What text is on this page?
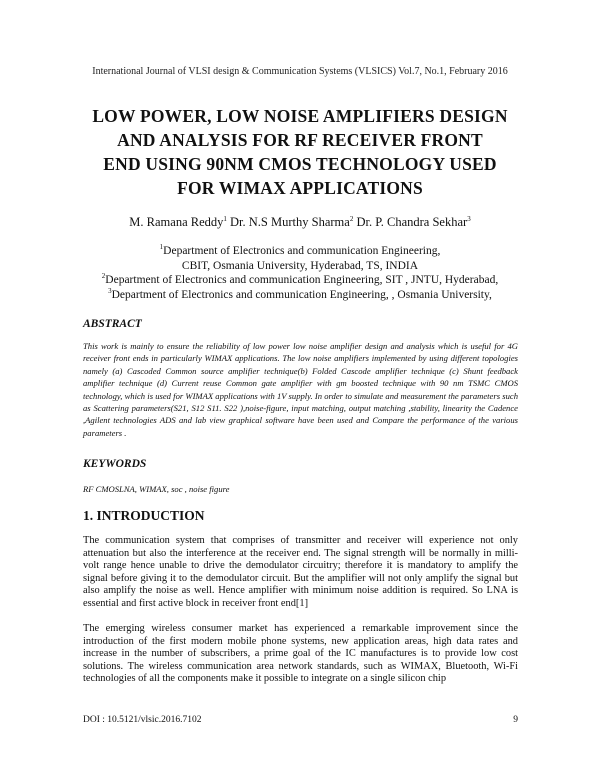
International Journal of VLSI design & Communication Systems (VLSICS) Vol.7, No.1, February 2016
LOW POWER, LOW NOISE AMPLIFIERS DESIGN
AND ANALYSIS FOR RF RECEIVER FRONT
END USING 90NM CMOS TECHNOLOGY USED
FOR WIMAX APPLICATIONS
M. Ramana Reddy$^1$ Dr. N.S Murthy Sharma$^2$ Dr. P. Chandra Sekhar$^3$
$^1$Department of Electronics and communication Engineering,
CBIT, Osmania University, Hyderabad, TS, INDIA
$^2$Department of Electronics and communication Engineering, SIT , JNTU, Hyderabad,
$^3$Department of Electronics and communication Engineering, , Osmania University,
ABSTRACT
This work is mainly to ensure the reliability of low power low noise amplifier design and analysis which is useful for 4G receiver front ends in particularly WIMAX applications. The low noise amplifiers implemented by using different topologies namely (a) Cascoded Common source amplifier technique(b) Folded Cascode amplifier technique (c) Shunt feedback amplifier technique (d) Current reuse Common gate amplifier with gm boosted technique with 90 nm TSMC CMOS technology, which is used for WIMAX applications with 1V supply. In order to simulate and measurement the parameters such as Scattering parameters(S21, S12 S11. S22 ),noise-figure, input matching, output matching ,stability, linearity the Cadence ,Agilent technologies ADS and lab view graphical software have been used and Compare the performance of the various parameters .
KEYWORDS
RF CMOSLNA, WIMAX, soc , noise figure
1. INTRODUCTION
The communication system that comprises of transmitter and receiver will experience not only attenuation but also the interference at the receiver end. The signal strength will be normally in milli-volt range hence unable to drive the demodulator circuitry; therefore it is mandatory to amplify the signal before giving it to the demodulator circuit. But the amplifier will not only amplify the signal but also amplify the noise as well. Hence amplifier with minimum noise addition is required. So LNA is essential and first active block in receiver front end[1]
The emerging wireless consumer market has experienced a remarkable improvement since the introduction of the first modern mobile phone systems, new application areas, high data rates and increase in the number of subscribers, a prime goal of the IC manufactures is to provide low cost solutions. The wireless communication area network standards, such as WIMAX, Bluetooth, Wi-Fi technologies of all the components make it possible to integrate on a single silicon chip
DOI : 10.5121/vlsic.2016.7102	9
